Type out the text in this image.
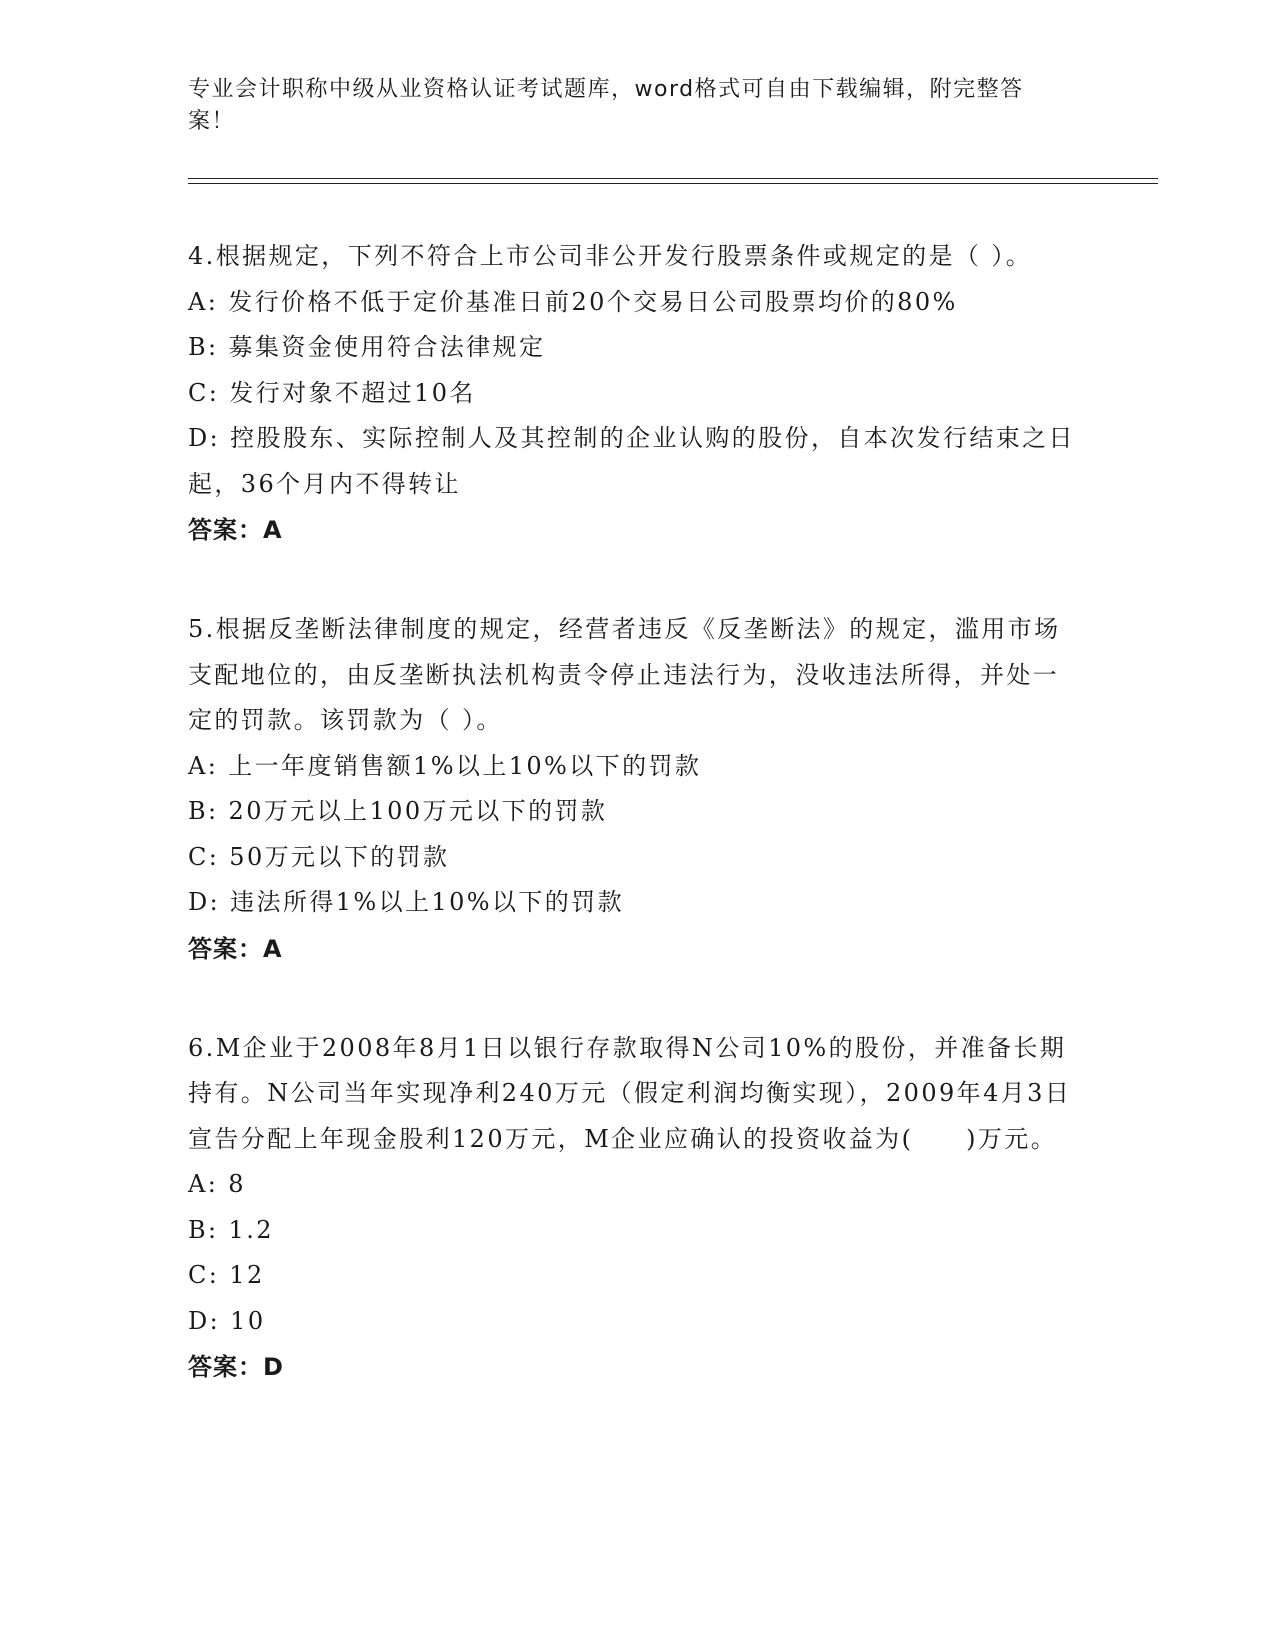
专业会计职称中级从业资格认证考试题库，word格式可自由下载编辑，附完整答案！
4.根据规定，下列不符合上市公司非公开发行股票条件或规定的是（ ）。
A: 发行价格不低于定价基准日前20个交易日公司股票均价的80%
B: 募集资金使用符合法律规定
C: 发行对象不超过10名
D: 控股股东、实际控制人及其控制的企业认购的股份，自本次发行结束之日起，36个月内不得转让
答案：A
5.根据反垄断法律制度的规定，经营者违反《反垄断法》的规定，滥用市场支配地位的，由反垄断执法机构责令停止违法行为，没收违法所得，并处一定的罚款。该罚款为（ ）。
A: 上一年度销售额1%以上10%以下的罚款
B: 20万元以上100万元以下的罚款
C: 50万元以下的罚款
D: 违法所得1%以上10%以下的罚款
答案：A
6.M企业于2008年8月1日以银行存款取得N公司10%的股份，并准备长期持有。N公司当年实现净利240万元（假定利润均衡实现），2009年4月3日宣告分配上年现金股利120万元，M企业应确认的投资收益为(　　)万元。
A: 8
B: 1.2
C: 12
D: 10
答案：D
